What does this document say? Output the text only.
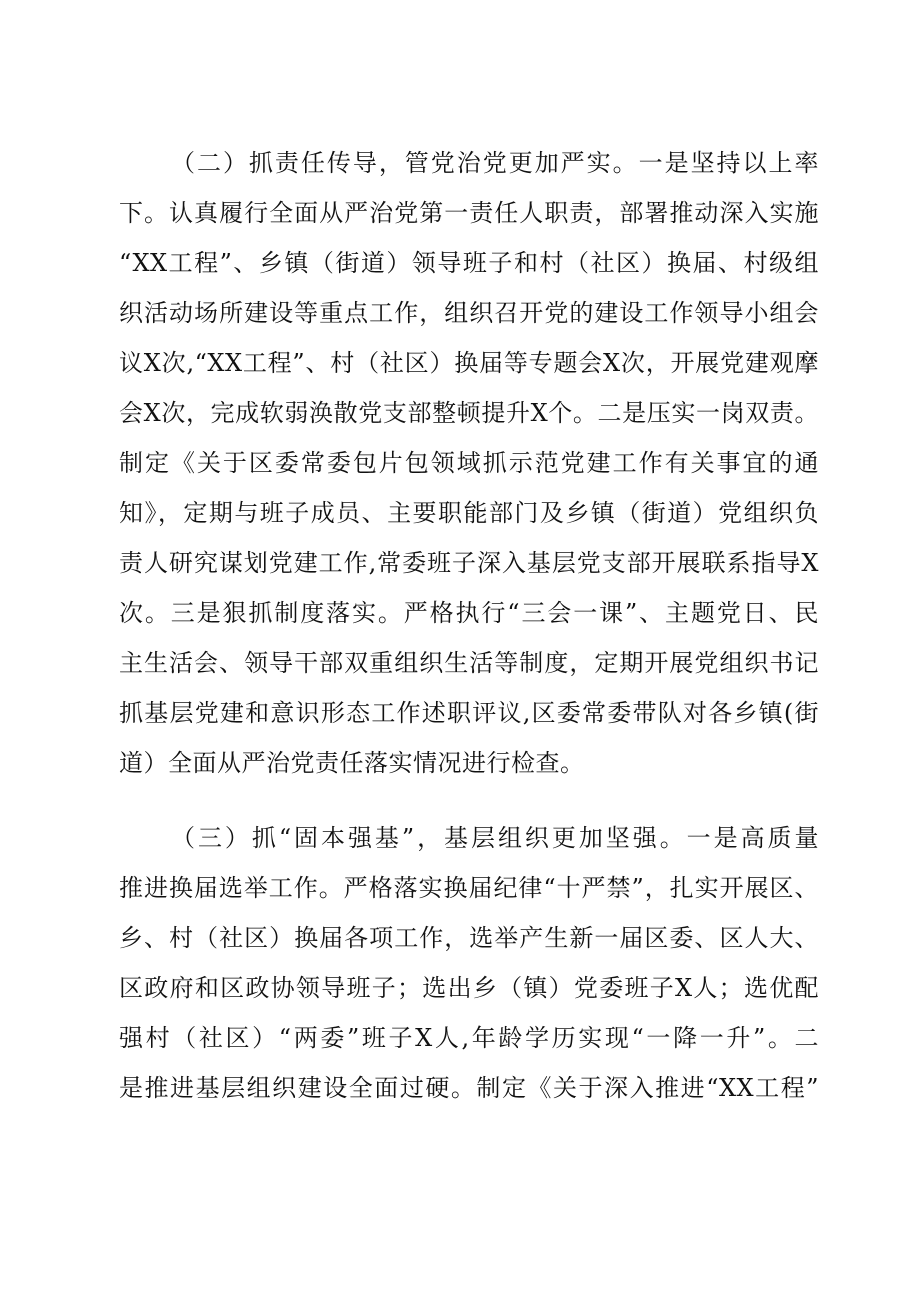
（二）抓责任传导，管党治党更加严实。一是坚持以上率
下。认真履行全面从严治党第一责任人职责，部署推动深入实施
“XX工程”、乡镇（街道）领导班子和村（社区）换届、村级组
织活动场所建设等重点工作，组织召开党的建设工作领导小组会
议X次,“XX工程”、村（社区）换届等专题会X次，开展党建观摩
会X次，完成软弱涣散党支部整顿提升X个。二是压实一岗双责。
制定《关于区委常委包片包领域抓示范党建工作有关事宜的通
知》，定期与班子成员、主要职能部门及乡镇（街道）党组织负
责人研究谋划党建工作,常委班子深入基层党支部开展联系指导X
次。三是狠抓制度落实。严格执行“三会一课”、主题党日、民
主生活会、领导干部双重组织生活等制度，定期开展党组织书记
抓基层党建和意识形态工作述职评议,区委常委带队对各乡镇(街
道）全面从严治党责任落实情况进行检查。
（三）抓“固本强基”，基层组织更加坚强。一是高质量
推进换届选举工作。严格落实换届纪律“十严禁”，扎实开展区、
乡、村（社区）换届各项工作，选举产生新一届区委、区人大、
区政府和区政协领导班子；选出乡（镇）党委班子X人；选优配
强村（社区）“两委”班子X人,年龄学历实现“一降一升”。二
是推进基层组织建设全面过硬。制定《关于深入推进“XX工程”
